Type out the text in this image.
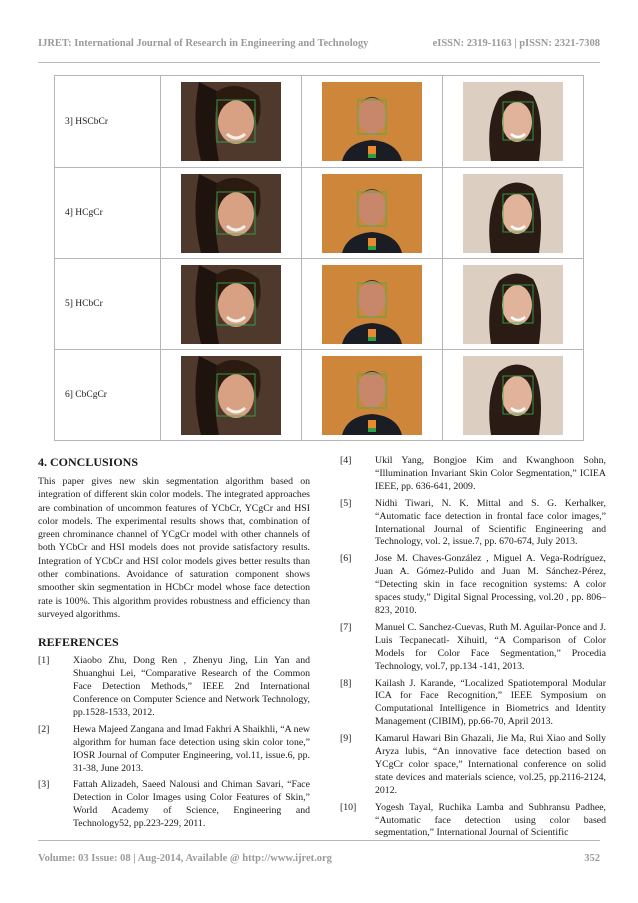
IJRET: International Journal of Research in Engineering and Technology	eISSN: 2319-1163 | pISSN: 2321-7308
3] HSCbCr
4] HCgCr
5] HCbCr
6] CbCgCr
4. CONCLUSIONS

This paper gives new skin segmentation algorithm based on integration of different skin color models. The integrated approaches are combination of uncommon features of YCbCr, YCgCr and HSI color models. The experimental results shows that, combination of green chrominance channel of YCgCr model with other channels of both YCbCr and HSI models does not provide satisfactory results. Integration of YCbCr and HSI color models gives better results than other combinations. Avoidance of saturation component shows smoother skin segmentation in HCbCr model whose face detection rate is 100%. This algorithm provides robustness and efficiency than surveyed algorithms.

REFERENCES
[1]	Xiaobo Zhu, Dong Ren , Zhenyu Jing, Lin Yan and Shuanghui Lei, “Comparative Research of the Common Face Detection Methods,” IEEE 2nd International Conference on Computer Science and Network Technology, pp.1528-1533, 2012.
[2]	Hewa Majeed Zangana and Imad Fakhri A Shaikhli, “A new algorithm for human face detection using skin color tone,” IOSR Journal of Computer Engineering, vol.11, issue.6, pp. 31-38, June 2013.
[3]	Fattah Alizadeh, Saeed Nalousi and Chiman Savari, “Face Detection in Color Images using Color Features of Skin,” World Academy of Science, Engineering and Technology52, pp.223-229, 2011.
[4]	Ukil Yang, Bongjoe Kim and Kwanghoon Sohn, “Illumination Invariant Skin Color Segmentation,” ICIEA IEEE, pp. 636-641, 2009.
[5]	Nidhi Tiwari, N. K. Mittal and S. G. Kerhalker, “Automatic face detection in frontal face color images,” International Journal of Scientific Engineering and Technology, vol. 2, issue.7, pp. 670-674, July 2013.
[6]	Jose M. Chaves-González , Miguel A. Vega-Rodríguez, Juan A. Gómez-Pulido and Juan M. Sánchez-Pérez, “Detecting skin in face recognition systems: A color spaces study,” Digital Signal Processing, vol.20 , pp. 806–823, 2010.
[7]	Manuel C. Sanchez-Cuevas, Ruth M. Aguilar-Ponce and J. Luis Tecpanecatl- Xihuitl, “A Comparison of Color Models for Color Face Segmentation,” Procedia Technology, vol.7, pp.134 -141, 2013.
[8]	Kailash J. Karande, “Localized Spatiotemporal Modular ICA for Face Recognition,” IEEE Symposium on Computational Intelligence in Biometrics and Identity Management (CIBIM), pp.66-70, April 2013.
[9]	Kamarul Hawari Bin Ghazali, Jie Ma, Rui Xiao and Solly Aryza lubis, “An innovative face detection based on YCgCr color space,” International conference on solid state devices and materials science, vol.25, pp.2116-2124, 2012.
[10]	Yogesh Tayal, Ruchika Lamba and Subhransu Padhee, “Automatic face detection using color based segmentation,” International Journal of Scientific
Volume: 03 Issue: 08 | Aug-2014, Available @ http://www.ijret.org	352
